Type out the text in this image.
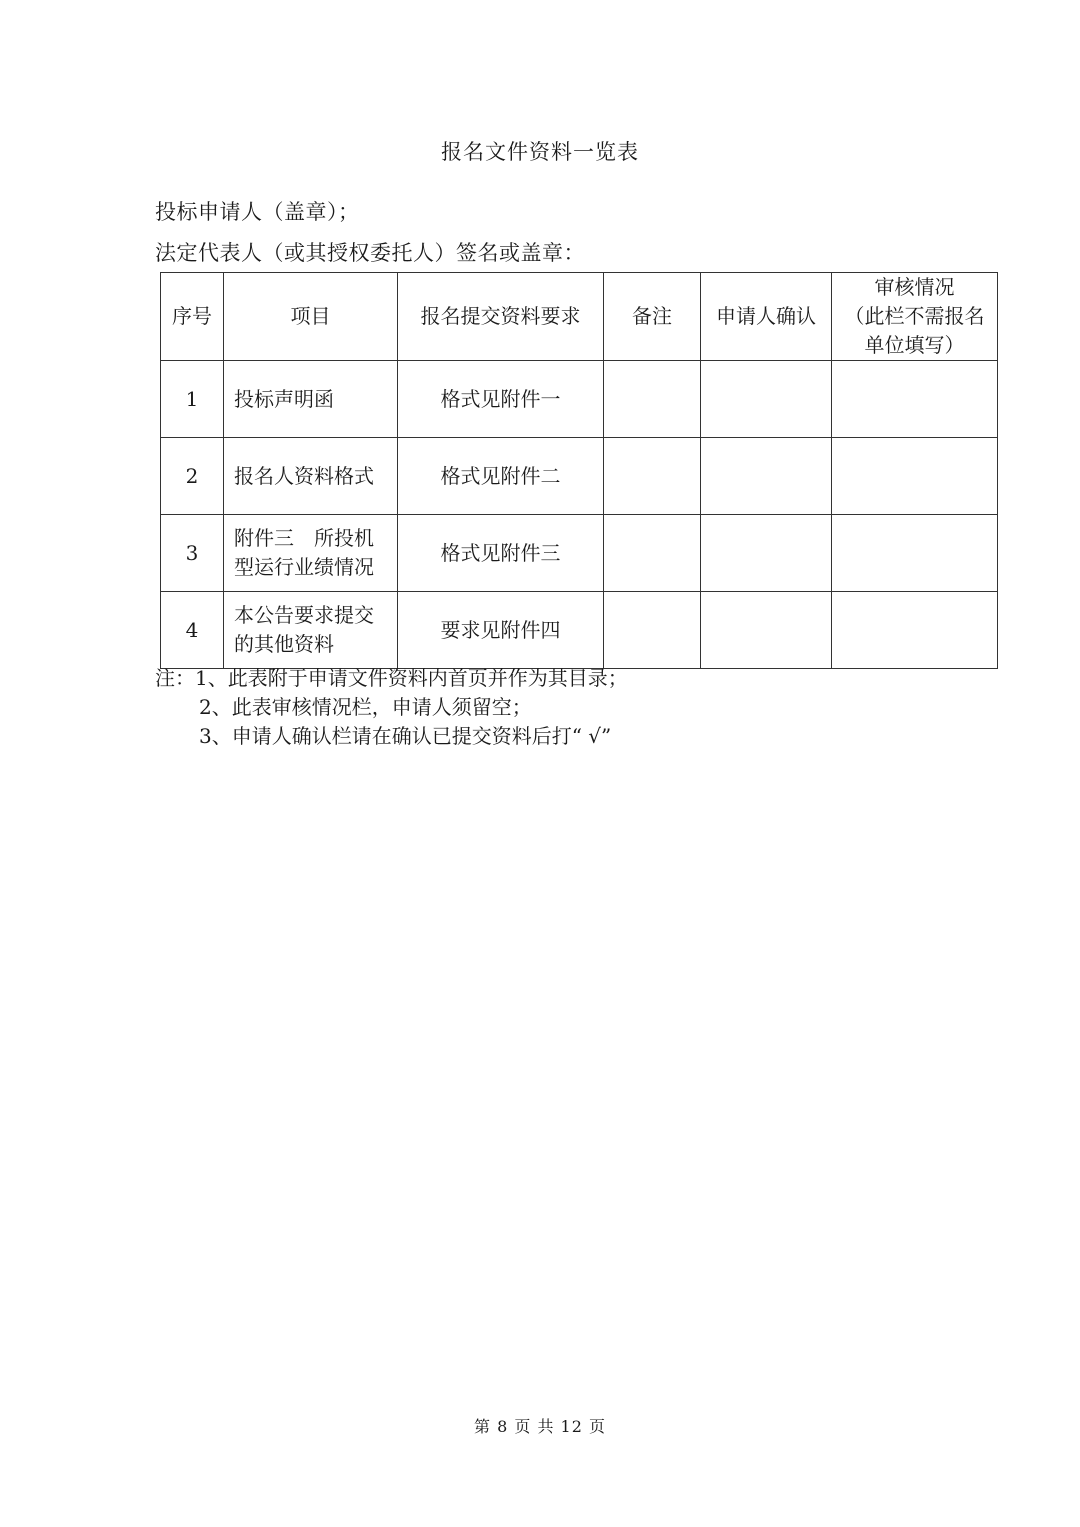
报名文件资料一览表
投标申请人（盖章）；
法定代表人（或其授权委托人）签名或盖章：
序号	项目	报名提交资料要求	备注	申请人确认	审核情况
（此栏不需报名
单位填写）
1	投标声明函	格式见附件一			
2	报名人资料格式	格式见附件二			
3	附件三　所投机
型运行业绩情况	格式见附件三			
4	本公告要求提交
的其他资料	要求见附件四			
注：1、此表附于申请文件资料内首页并作为其目录；
2、此表审核情况栏，申请人须留空；
3、申请人确认栏请在确认已提交资料后打“ √”
第 8 页 共 12 页
